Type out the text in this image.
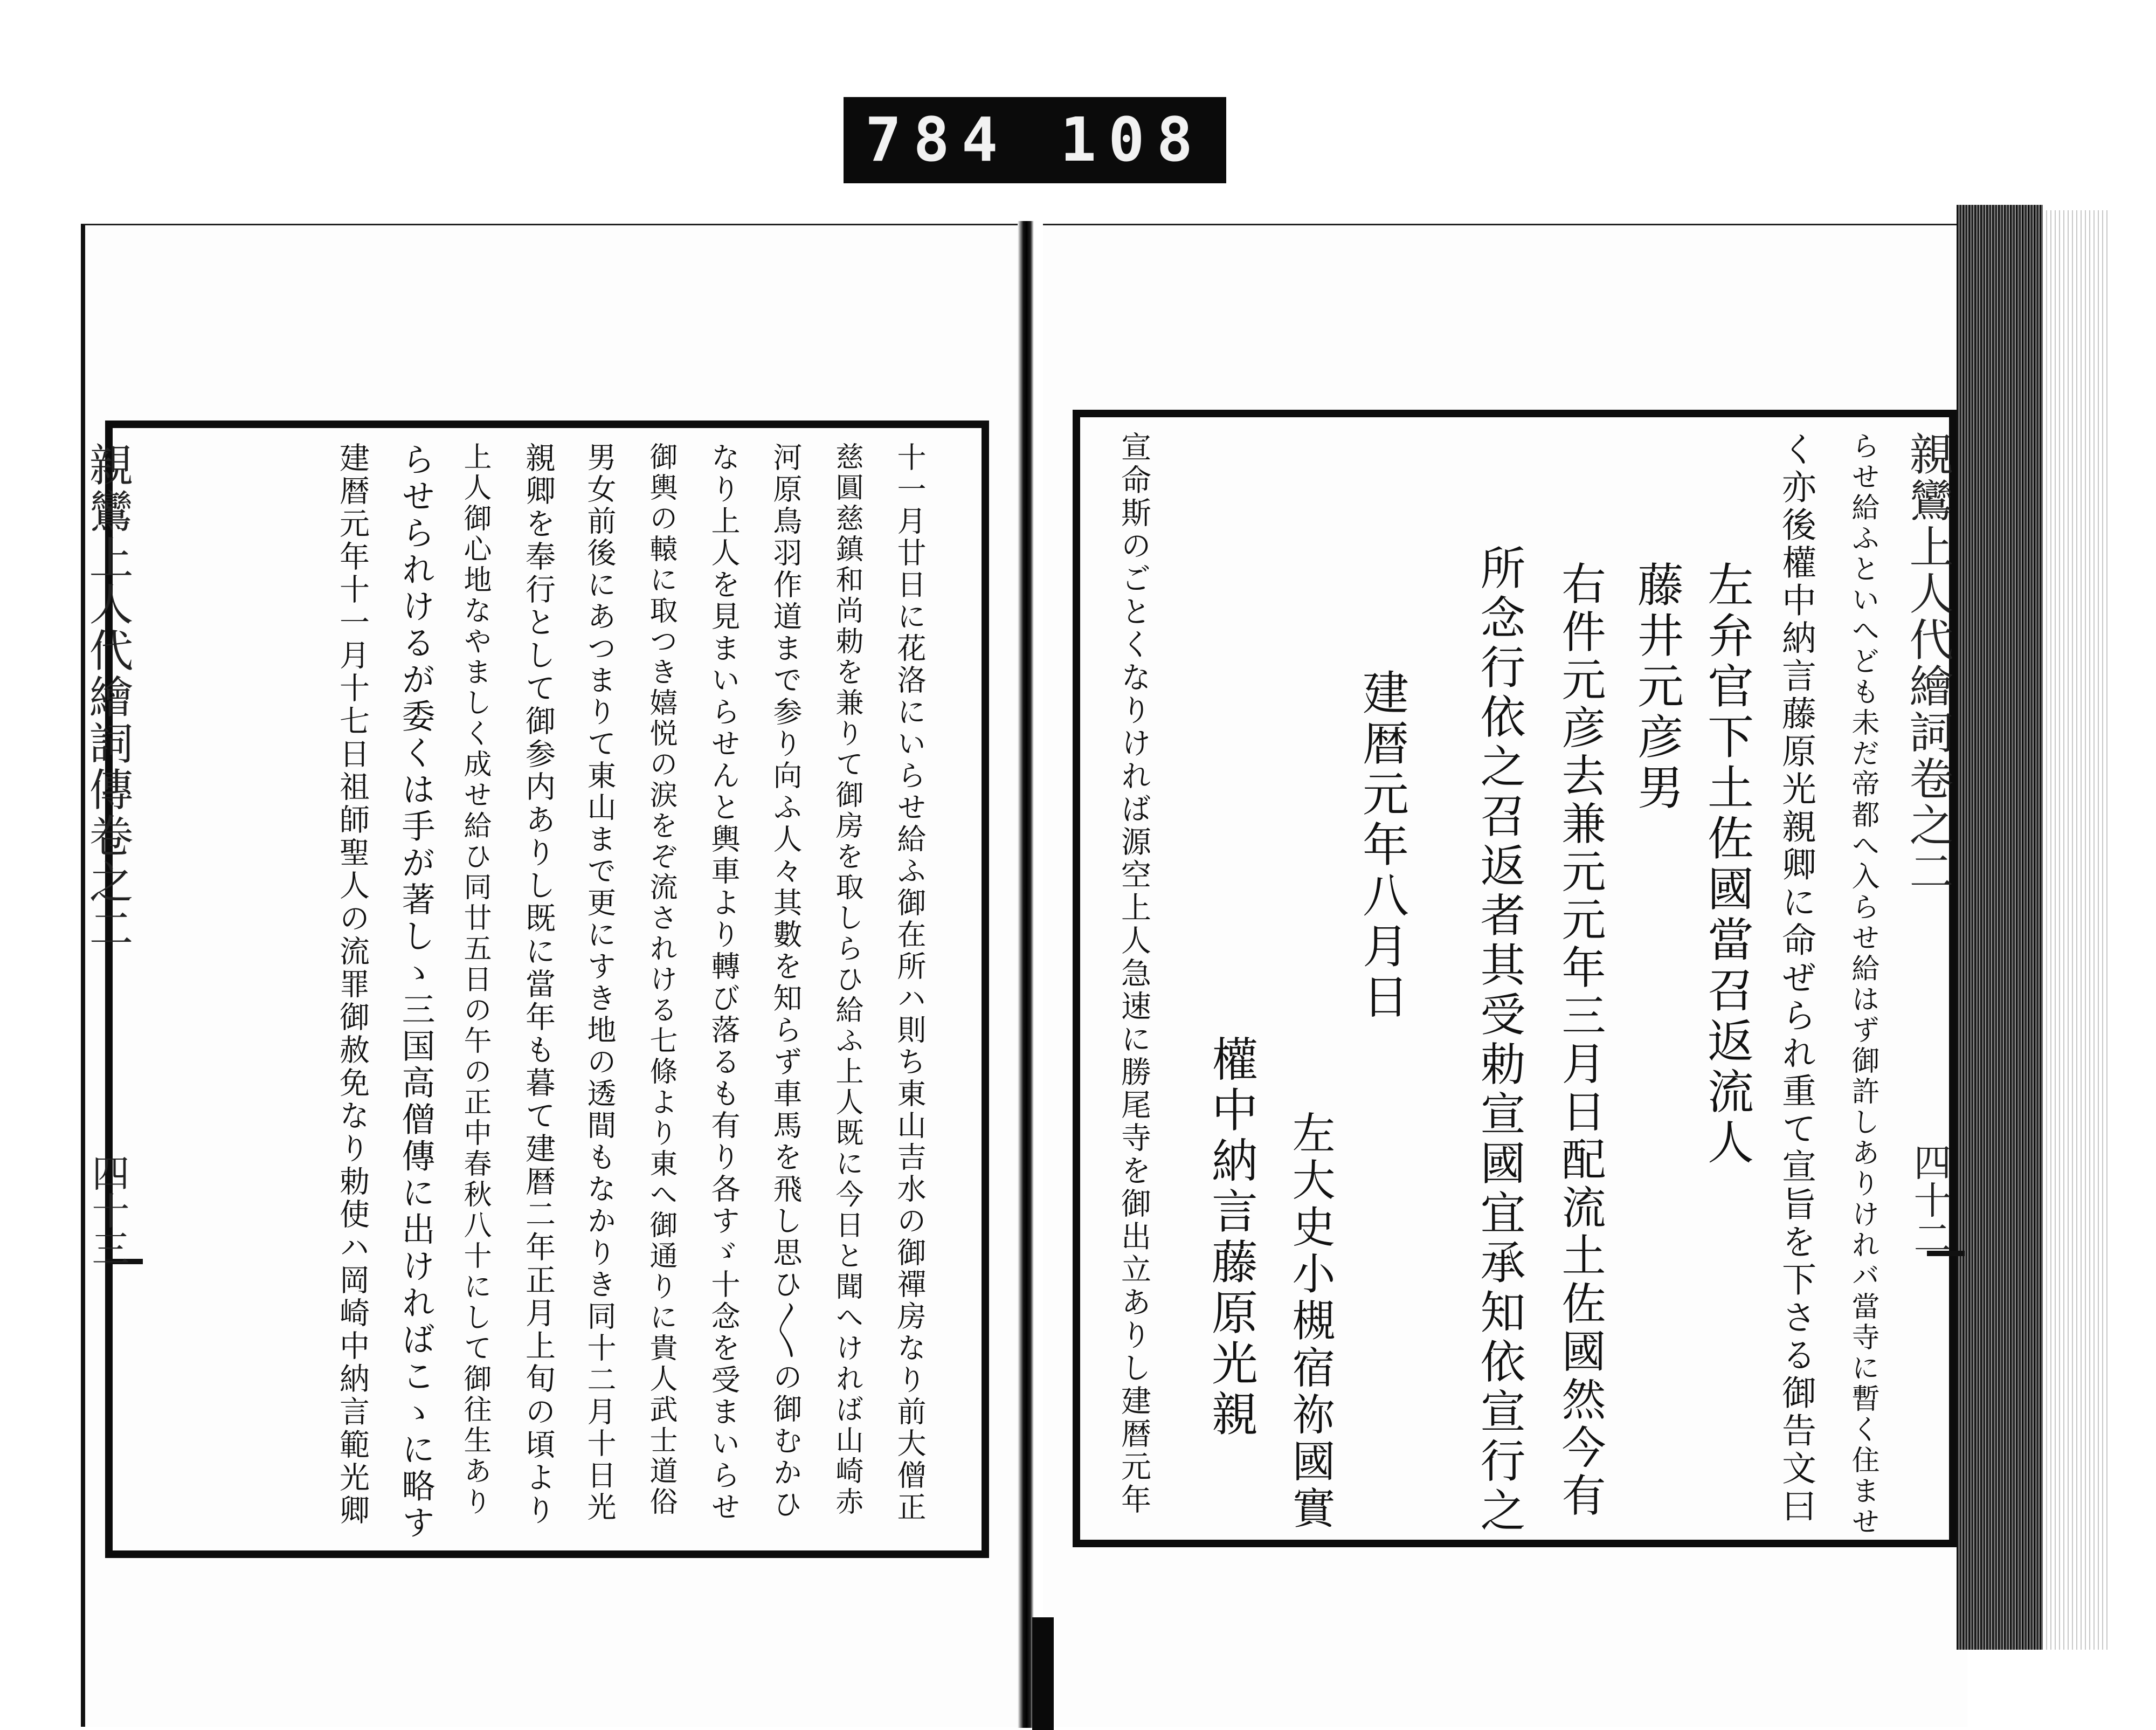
784 108
親鸞上人代繪詞傳卷之二
四十三	十一月廿日に花洛にいらせ給ふ御在所ハ則ち東山吉水の御禪房なり前大僧正
慈圓慈鎮和尚勅を兼りて御房を取しらひ給ふ上人既に今日と聞へければ山崎赤
河原鳥羽作道まで参り向ふ人々其數を知らず車馬を飛し思ひ〳〵の御むかひ
なり上人を見まいらせんと輿車より轉び落るも有り各すゞ十念を受まいらせ
御輿の轅に取つき嬉悦の涙をぞ流されける七條より東へ御通りに貴人武士道俗
男女前後にあつまりて東山まで更にすき地の透間もなかりき同十二月十日光
親卿を奉行として御参内ありし既に當年も暮て建暦二年正月上旬の頃より
上人御心地なやましく成せ給ひ同廿五日の午の正中春秋八十にして御往生あり
らせられけるが委くは手が著しゝ三国高僧傳に出ければこゝに略す
建暦元年十一月十七日祖師聖人の流罪御赦免なり勅使ハ岡崎中納言範光卿	親鸞上人代繪詞卷之二
四十二
らせ給ふといへども未だ帝都へ入らせ給はず御許しありけれバ當寺に暫く住ませ
く亦後權中納言藤原光親卿に命ぜられ重て宣旨を下さる御告文曰
左弁官下土佐國當召返流人
藤井元彦男
右件元彦去兼元元年三月日配流土佐國然今有
所念行依之召返者其受勅宣國宜承知依宣行之
建暦元年八月日
左大史小槻宿祢國實
權中納言藤原光親
宣命斯のごとくなりければ源空上人急速に勝尾寺を御出立ありし建暦元年
